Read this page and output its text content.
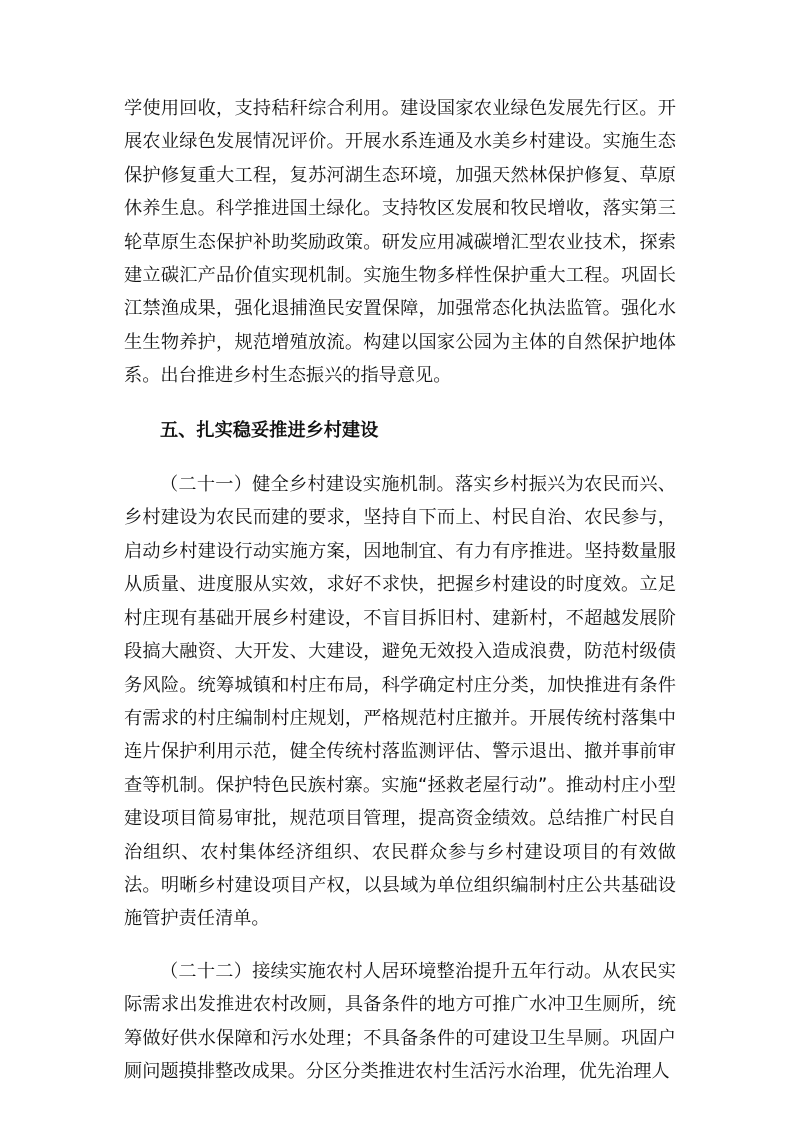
学使用回收，支持秸秆综合利用。建设国家农业绿色发展先行区。开展农业绿色发展情况评价。开展水系连通及水美乡村建设。实施生态保护修复重大工程，复苏河湖生态环境，加强天然林保护修复、草原休养生息。科学推进国土绿化。支持牧区发展和牧民增收，落实第三轮草原生态保护补助奖励政策。研发应用减碳增汇型农业技术，探索建立碳汇产品价值实现机制。实施生物多样性保护重大工程。巩固长江禁渔成果，强化退捕渔民安置保障，加强常态化执法监管。强化水生生物养护，规范增殖放流。构建以国家公园为主体的自然保护地体系。出台推进乡村生态振兴的指导意见。

五、扎实稳妥推进乡村建设

（二十一）健全乡村建设实施机制。落实乡村振兴为农民而兴、乡村建设为农民而建的要求，坚持自下而上、村民自治、农民参与，启动乡村建设行动实施方案，因地制宜、有力有序推进。坚持数量服从质量、进度服从实效，求好不求快，把握乡村建设的时度效。立足村庄现有基础开展乡村建设，不盲目拆旧村、建新村，不超越发展阶段搞大融资、大开发、大建设，避免无效投入造成浪费，防范村级债务风险。统筹城镇和村庄布局，科学确定村庄分类，加快推进有条件有需求的村庄编制村庄规划，严格规范村庄撤并。开展传统村落集中连片保护利用示范，健全传统村落监测评估、警示退出、撤并事前审查等机制。保护特色民族村寨。实施“拯救老屋行动”。推动村庄小型建设项目简易审批，规范项目管理，提高资金绩效。总结推广村民自治组织、农村集体经济组织、农民群众参与乡村建设项目的有效做法。明晰乡村建设项目产权，以县域为单位组织编制村庄公共基础设施管护责任清单。

（二十二）接续实施农村人居环境整治提升五年行动。从农民实际需求出发推进农村改厕，具备条件的地方可推广水冲卫生厕所，统筹做好供水保障和污水处理；不具备条件的可建设卫生旱厕。巩固户厕问题摸排整改成果。分区分类推进农村生活污水治理，优先治理人
